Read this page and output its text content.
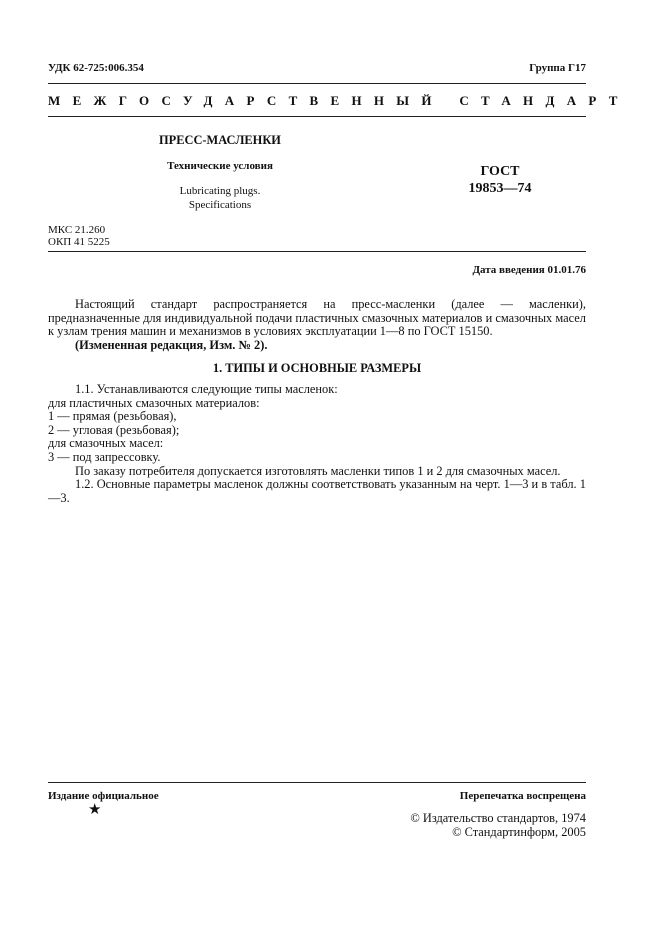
УДК 62-725:006.354	Группа Г17
МЕЖГОСУДАРСТВЕННЫЙ СТАНДАРТ
ПРЕСС-МАСЛЕНКИ
Технические условия
Lubricating plugs.
Specifications
ГОСТ
19853—74
МКС 21.260
ОКП 41 5225
Дата введения 01.01.76

Настоящий стандарт распространяется на пресс-масленки (далее — масленки), предназначенные для индивидуальной подачи пластичных смазочных материалов и смазочных масел к узлам трения машин и механизмов в условиях эксплуатации 1—8 по ГОСТ 15150.

(Измененная редакция, Изм. № 2).
1. ТИПЫ И ОСНОВНЫЕ РАЗМЕРЫ

1.1. Устанавливаются следующие типы масленок:

для пластичных смазочных материалов:

1 — прямая (резьбовая),

2 — угловая (резьбовая);

для смазочных масел:

3 — под запрессовку.

По заказу потребителя допускается изготовлять масленки типов 1 и 2 для смазочных масел.

1.2. Основные параметры масленок должны соответствовать указанным на черт. 1—3 и в табл. 1—3.

Издание официальное	Перепечатка воспрещена
★	© Издательство стандартов, 1974
© Стандартинформ, 2005
